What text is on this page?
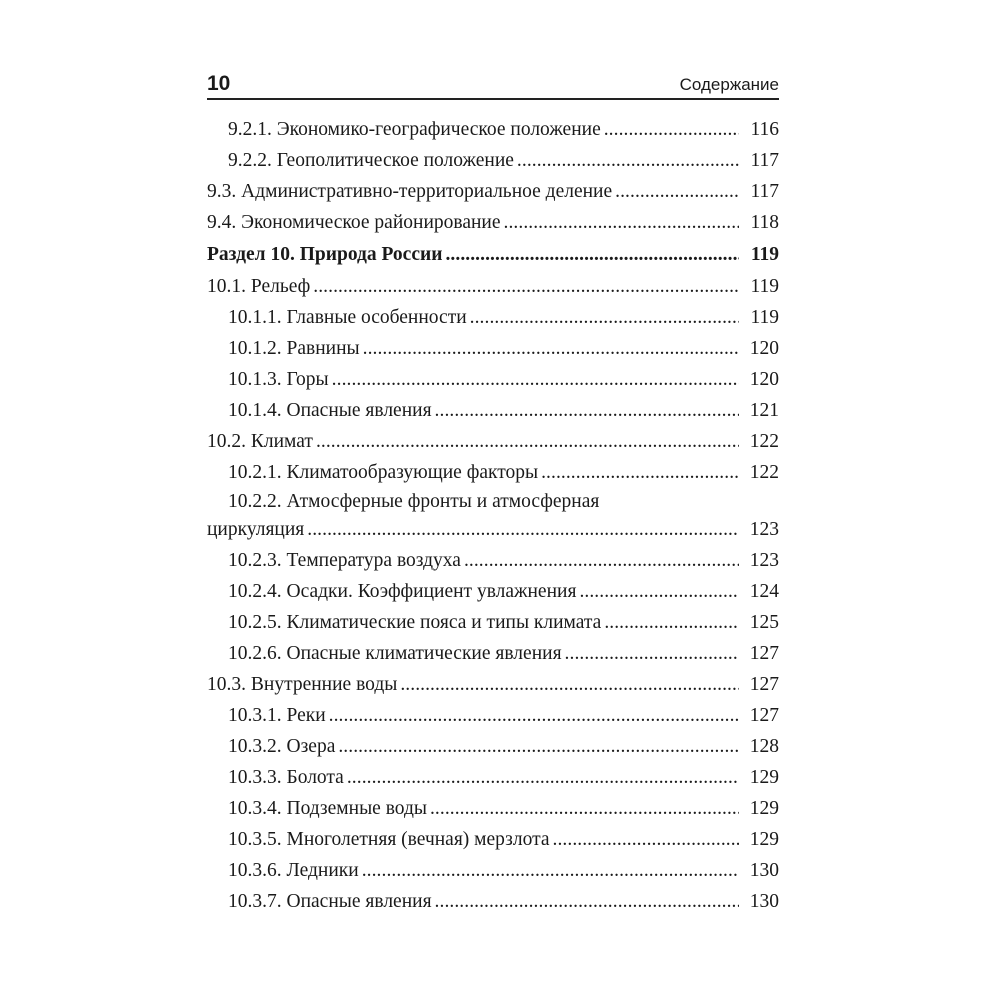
10	Содержание
9.2.1. Экономико-географическое положение . . .	116
9.2.2. Геополитическое положение . . .	117
9.3. Административно-территориальное деление . . .	117
9.4. Экономическое районирование . . .	118
Раздел 10. Природа России . . .	119
10.1. Рельеф . . .	119
10.1.1. Главные особенности . . .	119
10.1.2. Равнины . . .	120
10.1.3. Горы . . .	120
10.1.4. Опасные явления . . .	121
10.2. Климат . . .	122
10.2.1. Климатообразующие факторы . . .	122
10.2.2. Атмосферные фронты и атмосферная
циркуляция . . .	123
10.2.3. Температура воздуха . . .	123
10.2.4. Осадки. Коэффициент увлажнения . . .	124
10.2.5. Климатические пояса и типы климата . . .	125
10.2.6. Опасные климатические явления . . .	127
10.3. Внутренние воды . . .	127
10.3.1. Реки . . .	127
10.3.2. Озера . . .	128
10.3.3. Болота . . .	129
10.3.4. Подземные воды . . .	129
10.3.5. Многолетняя (вечная) мерзлота . . .	129
10.3.6. Ледники . . .	130
10.3.7. Опасные явления . . .	130
